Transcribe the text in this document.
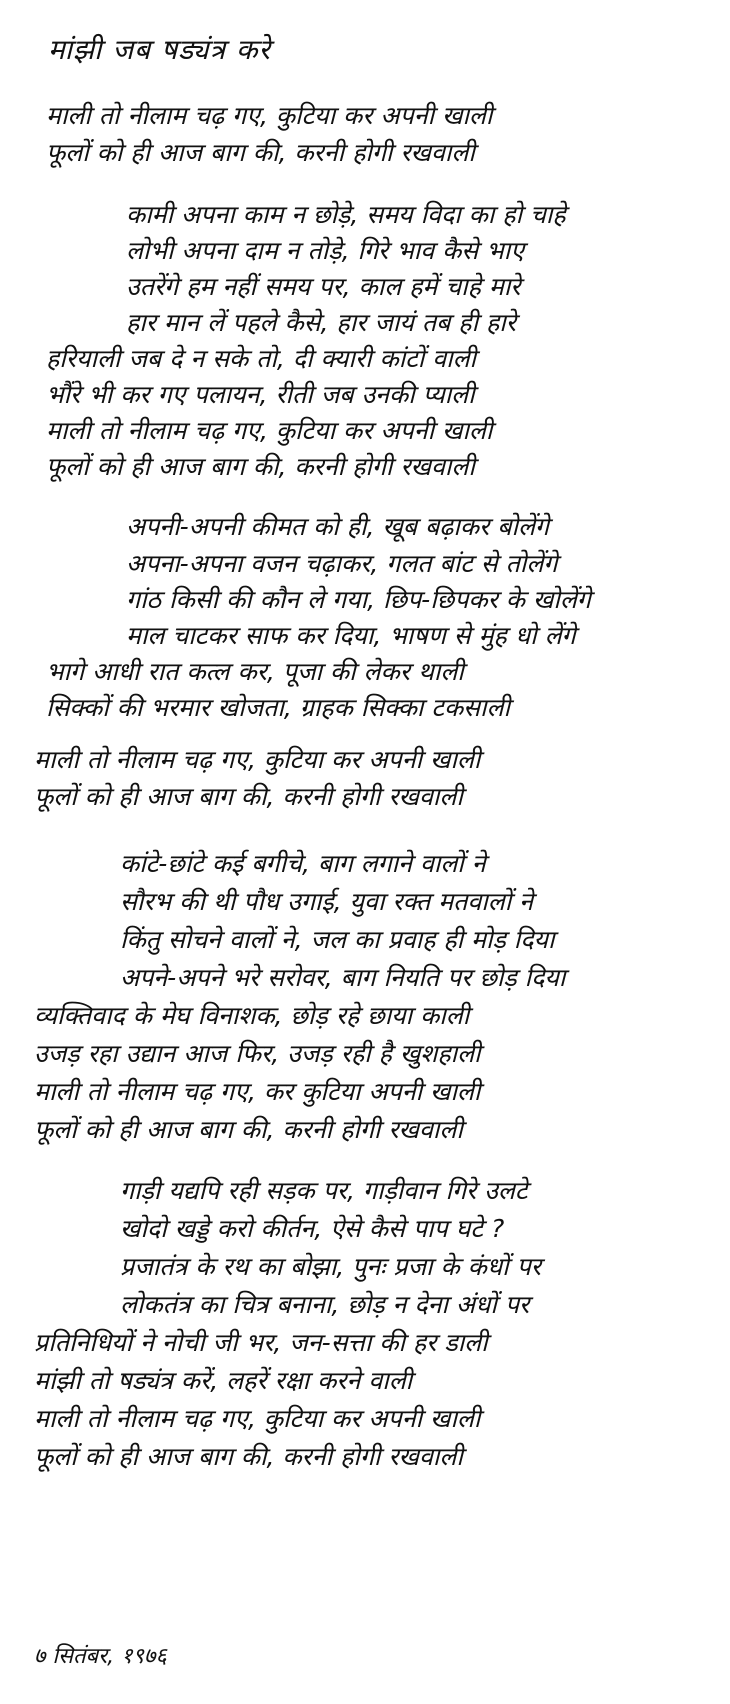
मांझी जब षड्यंत्र करे
माली तो नीलाम चढ़ गए, कुटिया कर अपनी खाली
फूलों को ही आज बाग की, करनी होगी रखवाली
कामी अपना काम न छोड़े, समय विदा का हो चाहे
लोभी अपना दाम न तोड़े, गिरे भाव कैसे भाए
उतरेंगे हम नहीं समय पर, काल हमें चाहे मारे
हार मान लें पहले कैसे, हार जायं तब ही हारे
हरियाली जब दे न सके तो, दी क्यारी कांटों वाली
भौंरे भी कर गए पलायन, रीती जब उनकी प्याली
माली तो नीलाम चढ़ गए, कुटिया कर अपनी खाली
फूलों को ही आज बाग की, करनी होगी रखवाली
अपनी-अपनी कीमत को ही, खूब बढ़ाकर बोलेंगे
अपना-अपना वजन चढ़ाकर, गलत बांट से तोलेंगे
गांठ किसी की कौन ले गया, छिप-छिपकर के खोलेंगे
माल चाटकर साफ कर दिया, भाषण से मुंह धो लेंगे
भागे आधी रात कत्ल कर, पूजा की लेकर थाली
सिक्कों की भरमार खोजता, ग्राहक सिक्का टकसाली
माली तो नीलाम चढ़ गए, कुटिया कर अपनी खाली
फूलों को ही आज बाग की, करनी होगी रखवाली
कांटे-छांटे कई बगीचे, बाग लगाने वालों ने
सौरभ की थी पौध उगाई, युवा रक्त मतवालों ने
किंतु सोचने वालों ने, जल का प्रवाह ही मोड़ दिया
अपने-अपने भरे सरोवर, बाग नियति पर छोड़ दिया
व्यक्तिवाद के मेघ विनाशक, छोड़ रहे छाया काली
उजड़ रहा उद्यान आज फिर, उजड़ रही है खुशहाली
माली तो नीलाम चढ़ गए, कर कुटिया अपनी खाली
फूलों को ही आज बाग की, करनी होगी रखवाली
गाड़ी यद्यपि रही सड़क पर, गाड़ीवान गिरे उलटे
खोदो खड्डे करो कीर्तन, ऐसे कैसे पाप घटे ?
प्रजातंत्र के रथ का बोझा, पुनः प्रजा के कंधों पर
लोकतंत्र का चित्र बनाना, छोड़ न देना अंधों पर
प्रतिनिधियों ने नोची जी भर, जन-सत्ता की हर डाली
मांझी तो षड्यंत्र करें, लहरें रक्षा करने वाली
माली तो नीलाम चढ़ गए, कुटिया कर अपनी खाली
फूलों को ही आज बाग की, करनी होगी रखवाली
७ सितंबर, १९७६
